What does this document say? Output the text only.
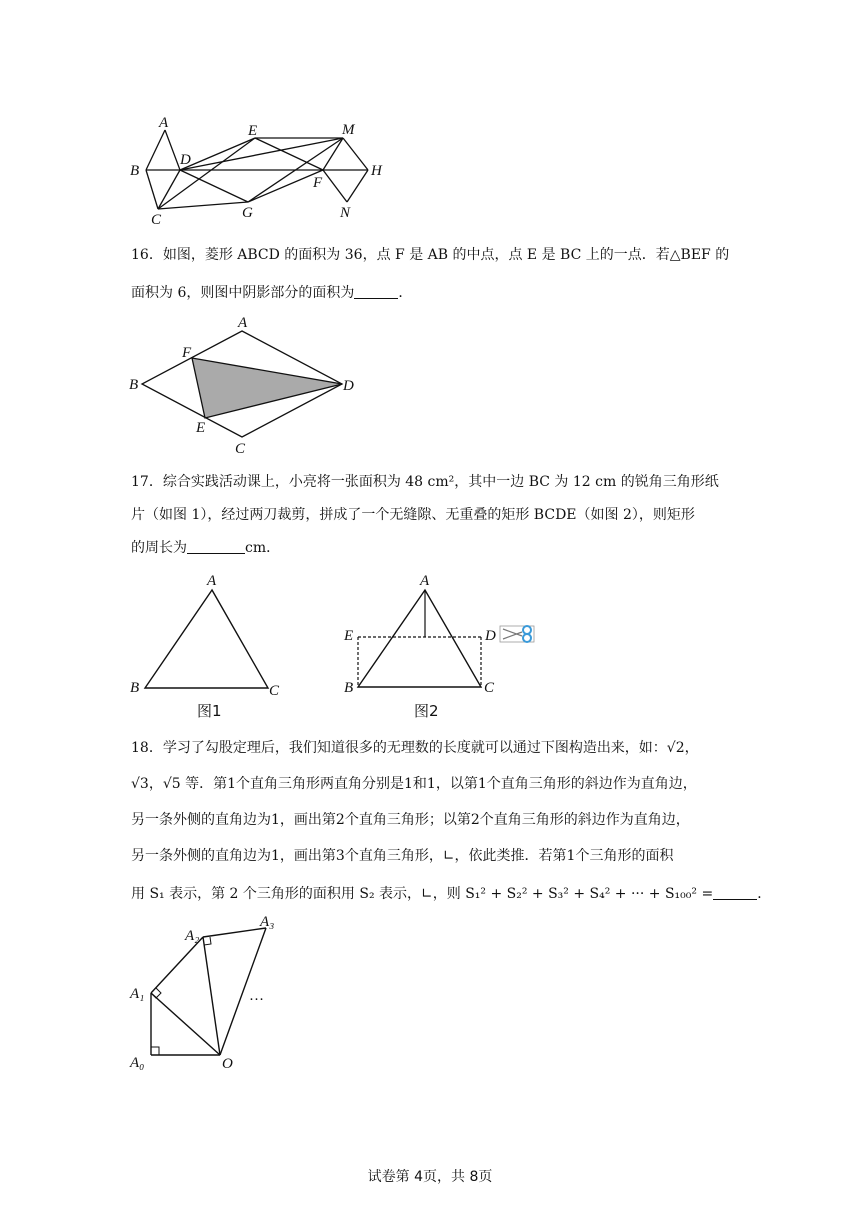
A
B
C
D
E
F
G
M
H
N
16．如图，菱形 ABCD 的面积为 36，点 F 是 AB 的中点，点 E 是 BC 上的一点．若△BEF 的
面积为 6，则图中阴影部分的面积为	．
A
B
C
D
E
F
17．综合实践活动课上，小亮将一张面积为 48 cm²，其中一边 BC 为 12 cm 的锐角三角形纸
片（如图 1），经过两刀裁剪，拼成了一个无缝隙、无重叠的矩形 BCDE（如图 2），则矩形
的周长为	cm．
A
B	C
图1
A
E	D
B	C
图2
18．学习了勾股定理后，我们知道很多的无理数的长度就可以通过下图构造出来，如：√2，
√3，√5 等．第1个直角三角形两直角分别是1和1，以第1个直角三角形的斜边作为直角边，
另一条外侧的直角边为1，画出第2个直角三角形；以第2个直角三角形的斜边作为直角边，
另一条外侧的直角边为1，画出第3个直角三角形，∟，依此类推．若第1个三角形的面积
用 S₁ 表示，第 2 个三角形的面积用 S₂ 表示，∟，则 S₁² + S₂² + S₃² + S₄² + ··· + S₁₀₀² =	．
A₀
A₁
A₂
A₃
O
…
试卷第 4页，共 8页
